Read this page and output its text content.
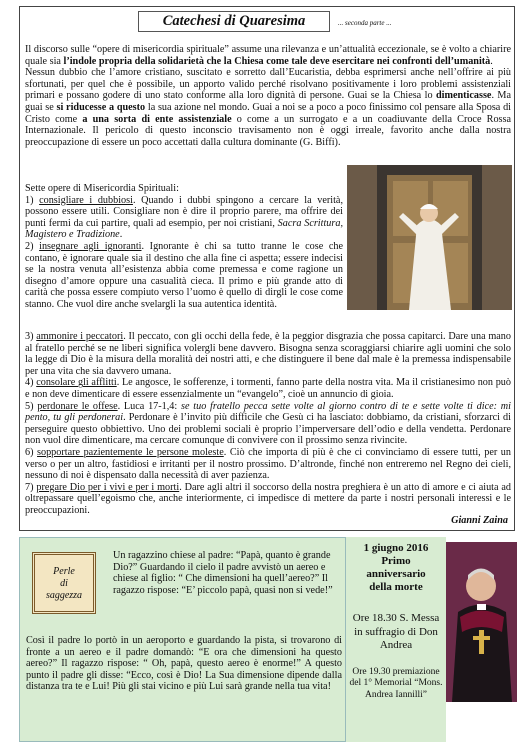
Catechesi di Quaresima	... seconda parte ...

Il discorso sulle “opere di misericordia spirituale” assume una rilevanza e un’attualità eccezionale, se è volto a chiarire quale sia l’indole propria della solidarietà che la Chiesa come tale deve esercitare nei confronti dell’umanità.

Nessun dubbio che l’amore cristiano, suscitato e sorretto dall’Eucaristia, debba esprimersi anche nell’offrire ai più sfortunati, per quel che è possibile, un apporto valido perché risolvano positivamente i loro problemi assistenziali primari e possano godere di uno stato conforme alla loro dignità di persone. Guai se la Chiesa lo dimenticasse. Ma guai se si riducesse a questo la sua azione nel mondo. Guai a noi se a poco a poco finissimo col pensare alla Sposa di Cristo come a una sorta di ente assistenziale o come a un surrogato e a un coadiuvante della Croce Rossa Internazionale. Il pericolo di questo inconscio travisamento non è oggi irreale, favorito anche dalla nostra preoccupazione di essere un poco accettati dalla cultura dominante (G. Biffi).

Sette opere di Misericordia Spirituali:

1) consigliare i dubbiosi. Quando i dubbi spingono a cercare la verità, possono essere utili. Consigliare non è dire il proprio parere, ma offrire dei punti fermi da cui partire, quali ad esempio, per noi cristiani, Sacra Scrittura, Magistero e Tradizione.

2) insegnare agli ignoranti. Ignorante è chi sa tutto tranne le cose che contano, è ignorare quale sia il destino che alla fine ci aspetta; essere indecisi se la nostra venuta all’esistenza abbia come premessa e come ragione un disegno d’amore oppure una casualità cieca. Il primo e più grande atto di carità che possa essere compiuto verso l’uomo è quello di dirgli le cose come stanno. Che vuol dire anche svelargli la sua autentica identità.

3) ammonire i peccatori. Il peccato, con gli occhi della fede, è la peggior disgrazia che possa capitarci. Dare una mano al fratello perché se ne liberi significa volergli bene davvero. Bisogna senza scoraggiarsi chiarire agli uomini che solo la legge di Dio è la misura della moralità dei nostri atti, e che distinguere il bene dal male è la premessa indispensabile per una vita che sia davvero umana.

4) consolare gli afflitti. Le angosce, le sofferenze, i tormenti, fanno parte della nostra vita. Ma il cristianesimo non può e non deve dimenticare di essere essenzialmente un “evangelo”, cioè un annuncio di gioia.

5) perdonare le offese. Luca 17-1,4: se tuo fratello pecca sette volte al giorno contro di te e sette volte ti dice: mi pento, tu gli perdonerai. Perdonare è l’invito più difficile che Gesù ci ha lasciato: dobbiamo, da cristiani, sforzarci di perseguire questo obbiettivo. Uno dei problemi sociali è proprio l’imperversare dell’odio e della vendetta. Perdonare non vuol dire dimenticare, ma cercare comunque di convivere con il prossimo senza rivincite.

6) sopportare pazientemente le persone moleste. Ciò che importa di più è che ci convinciamo di essere tutti, per un verso o per un altro, fastidiosi e irritanti per il nostro prossimo. D’altronde, finché non entreremo nel Regno dei cieli, nessuno di noi è dispensato dalla necessità di aver pazienza.

7) pregare Dio per i vivi e per i morti. Dare agli altri il soccorso della nostra preghiera è un atto di amore e ci aiuta ad oltrepassare quell’egoismo che, anche interiormente, ci impedisce di mettere da parte i nostri personali interessi e le preoccupazioni.

Gianni Zaina
Perle
di
saggezza

Un ragazzino chiese al padre: “Papà, quanto è grande Dio?” Guardando il cielo il padre avvistò un aereo e chiese al figlio: “ Che dimensioni ha quell’aereo?” Il ragazzo rispose: “E’ piccolo papà, quasi non si vede!”

Così il padre lo portò in un aeroporto e guardando la pista, si trovarono di fronte a un aereo e il padre domandò: “E ora che dimensioni ha questo aereo?” Il ragazzo rispose: “ Oh, papà, questo aereo è enorme!” A questo punto il padre gli disse: “Ecco, così è Dio! La Sua dimensione dipende dalla distanza tra te e Lui! Più gli stai vicino e più Lui sarà grande nella tua vita!

1 giugno 2016
Primo
anniversario
della morte
Ore 18.30 S. Messa in suffragio di Don Andrea
Ore 19.30 premiazione del 1° Memorial “Mons. Andrea Iannilli”
